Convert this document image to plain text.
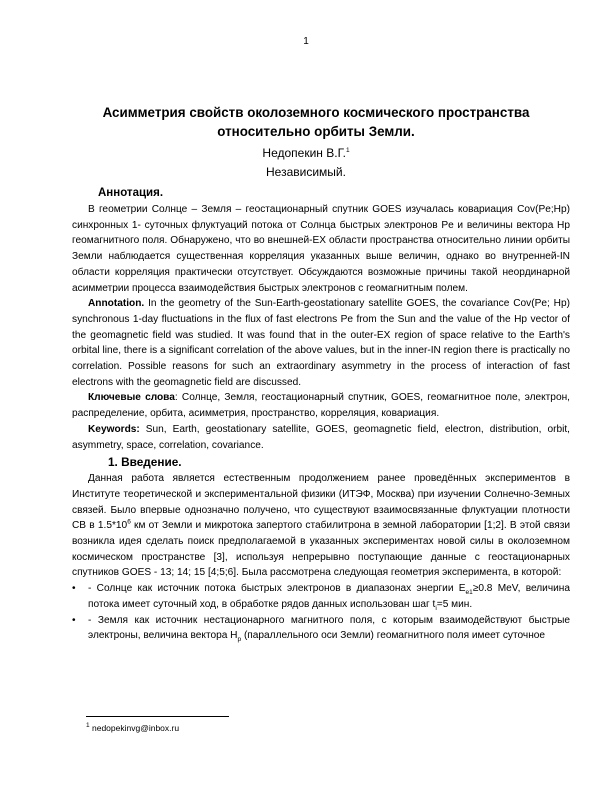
1
Асимметрия свойств околоземного космического пространства относительно орбиты Земли.
Недопекин В.Г.$^1$
Независимый.
Аннотация.

В геометрии Солнце – Земля – геостационарный спутник GOES изучалась ковариация Cov(Pe;Hp) синхронных 1- суточных флуктуаций потока от Солнца быстрых электронов Pe и величины вектора Hp геомагнитного поля. Обнаружено, что во внешней-EX области пространства относительно линии орбиты Земли наблюдается существенная корреляция указанных выше величин, однако во внутренней-IN области корреляция практически отсутствует. Обсуждаются возможные причины такой неординарной асимметрии процесса взаимодействия быстрых электронов с геомагнитным полем.

Annotation. In the geometry of the Sun-Earth-geostationary satellite GOES, the covariance Cov(Pe; Hp) synchronous 1-day fluctuations in the flux of fast electrons Pe from the Sun and the value of the Hp vector of the geomagnetic field was studied. It was found that in the outer-EX region of space relative to the Earth's orbital line, there is a significant correlation of the above values, but in the inner-IN region there is practically no correlation. Possible reasons for such an extraordinary asymmetry in the process of interaction of fast electrons with the geomagnetic field are discussed.

Ключевые слова: Солнце, Земля, геостационарный спутник, GOES, геомагнитное поле, электрон, распределение, орбита, асимметрия, пространство, корреляция, ковариация.

Keywords: Sun, Earth, geostationary satellite, GOES, geomagnetic field, electron, distribution, orbit, asymmetry, space, correlation, covariance.

1. Введение.

Данная работа является естественным продолжением ранее проведённых экспериментов в Институте теоретической и экспериментальной физики (ИТЭФ, Москва) при изучении Солнечно-Земных связей. Было впервые однозначно получено, что существуют взаимосвязанные флуктуации плотности СВ в $1.5*10^6$ км от Земли и микротока запертого стабилитрона в земной лаборатории [1;2]. В этой связи возникла идея сделать поиск предполагаемой в указанных экспериментах новой силы в околоземном космическом пространстве [3], используя непрерывно поступающие данные с геостационарных спутников GOES - 13; 14; 15 [4;5;6]. Была рассмотрена следующая геометрия эксперимента, в которой:

•	- Солнце как источник потока быстрых электронов в диапазонах энергии $E_{e1}\ge 0.8$ MeV, величина потока имеет суточный ход, в обработке рядов данных использован шаг $t_i=5$ мин.
•	- Земля как источник нестационарного магнитного поля, с которым взаимодействуют быстрые электроны, величина вектора $H_p$ (параллельного оси Земли) геомагнитного поля имеет суточное
$^1$ nedopekinvg@inbox.ru
